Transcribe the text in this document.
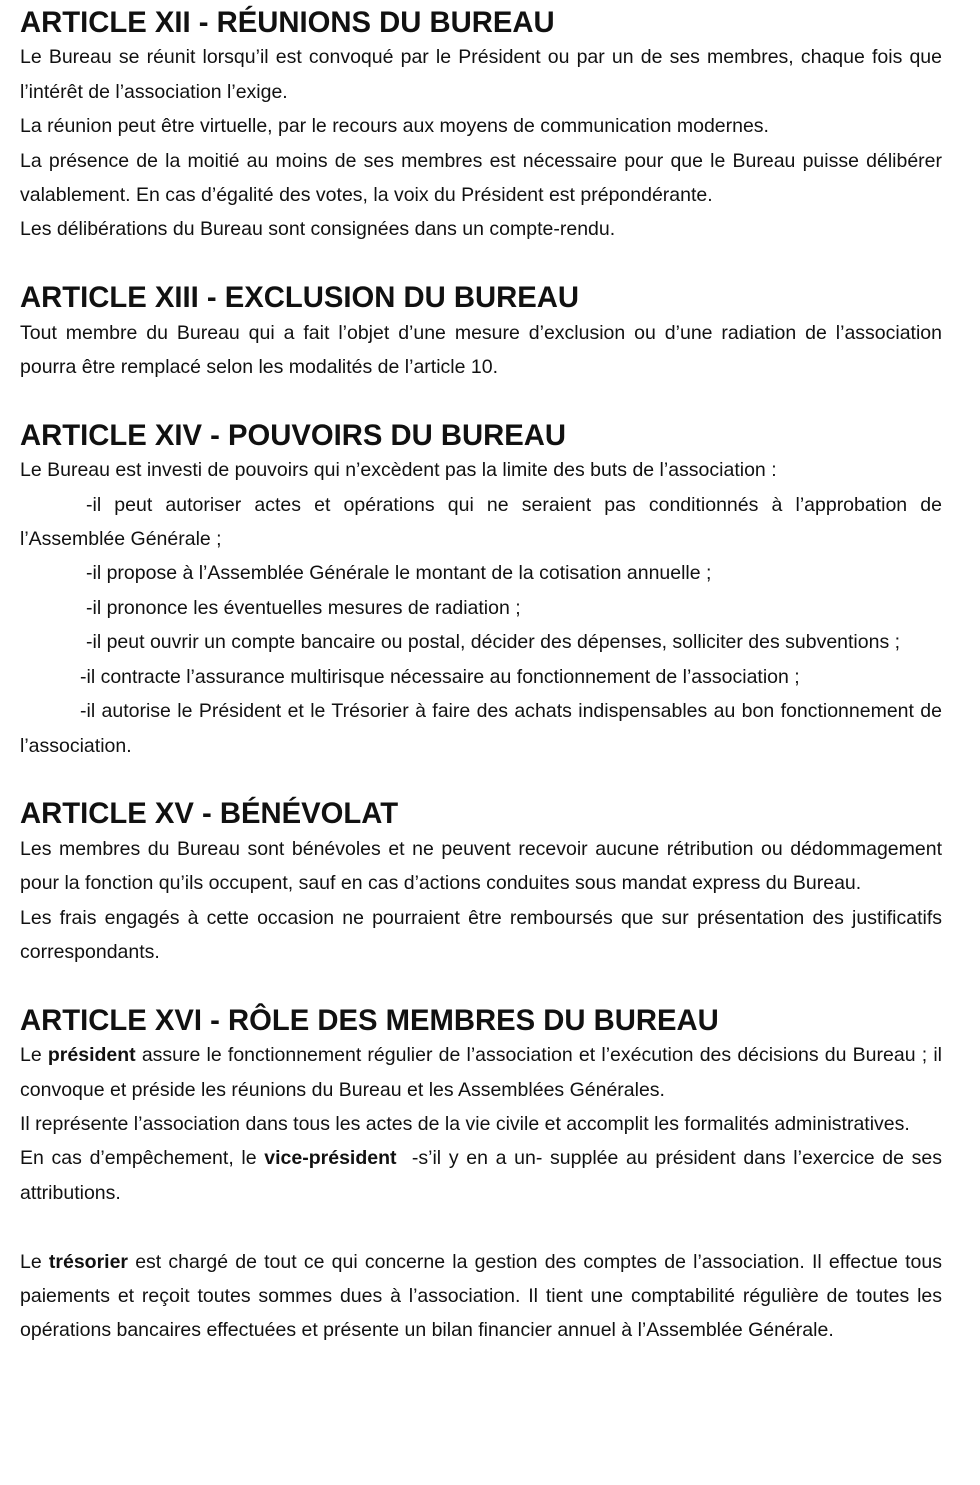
ARTICLE XII - RÉUNIONS DU BUREAU

Le Bureau se réunit lorsqu’il est convoqué par le Président ou par un de ses membres, chaque fois que l’intérêt de l’association l’exige.

La réunion peut être virtuelle, par le recours aux moyens de communication modernes.

La présence de la moitié au moins de ses membres est nécessaire pour que le Bureau puisse délibérer valablement. En cas d’égalité des votes, la voix du Président est prépondérante.

Les délibérations du Bureau sont consignées dans un compte-rendu.

ARTICLE XIII - EXCLUSION DU BUREAU

Tout membre du Bureau qui a fait l’objet d’une mesure d’exclusion ou d’une radiation de l’association pourra être remplacé selon les modalités de l’article 10.

ARTICLE XIV - POUVOIRS DU BUREAU

Le Bureau est investi de pouvoirs qui n’excèdent pas la limite des buts de l’association :

-il peut autoriser actes et opérations qui ne seraient pas conditionnés à l’approbation de l’Assemblée Générale ;

-il propose à l’Assemblée Générale le montant de la cotisation annuelle ;

-il prononce les éventuelles mesures de radiation ;

-il peut ouvrir un compte bancaire ou postal, décider des dépenses, solliciter des subventions ;

-il contracte l’assurance multirisque nécessaire au fonctionnement de l’association ;

-il autorise le Président et le Trésorier à faire des achats indispensables au bon fonctionnement de l’association.

ARTICLE XV - BÉNÉVOLAT

Les membres du Bureau sont bénévoles et ne peuvent recevoir aucune rétribution ou dédommagement pour la fonction qu’ils occupent, sauf en cas d’actions conduites sous mandat express du Bureau.

Les frais engagés à cette occasion ne pourraient être remboursés que sur présentation des justificatifs correspondants.

ARTICLE XVI - RÔLE DES MEMBRES DU BUREAU

Le président assure le fonctionnement régulier de l’association et l’exécution des décisions du Bureau ; il convoque et préside les réunions du Bureau et les Assemblées Générales.

Il représente l’association dans tous les actes de la vie civile et accomplit les formalités administratives.

En cas d’empêchement, le vice-président  -s’il y en a un- supplée au président dans l’exercice de ses attributions.

Le trésorier est chargé de tout ce qui concerne la gestion des comptes de l’association. Il effectue tous paiements et reçoit toutes sommes dues à l’association. Il tient une comptabilité régulière de toutes les opérations bancaires effectuées et présente un bilan financier annuel à l’Assemblée Générale.
